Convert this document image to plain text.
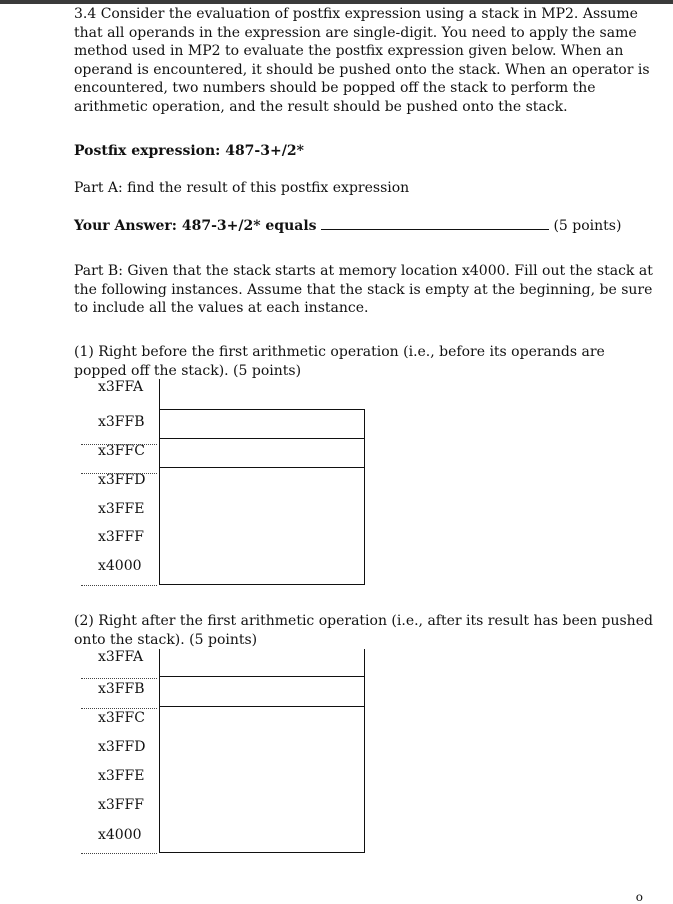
3.4 Consider the evaluation of postfix expression using a stack in MP2. Assume that all operands in the expression are single-digit. You need to apply the same method used in MP2 to evaluate the postfix expression given below. When an operand is encountered, it should be pushed onto the stack. When an operator is encountered, two numbers should be popped off the stack to perform the arithmetic operation, and the result should be pushed onto the stack.
Postfix expression: 487-3+/2*
Part A: find the result of this postfix expression
Your Answer: 487-3+/2* equals	(5 points)
Part B: Given that the stack starts at memory location x4000. Fill out the stack at the following instances. Assume that the stack is empty at the beginning, be sure to include all the values at each instance.
(1) Right before the first arithmetic operation (i.e., before its operands are popped off the stack). (5 points)
x3FFA
x3FFB
x3FFC
x3FFD
x3FFE
x3FFF
x4000
(2) Right after the first arithmetic operation (i.e., after its result has been pushed onto the stack). (5 points)
x3FFA
x3FFB
x3FFC
x3FFD
x3FFE
x3FFF
x4000
o
